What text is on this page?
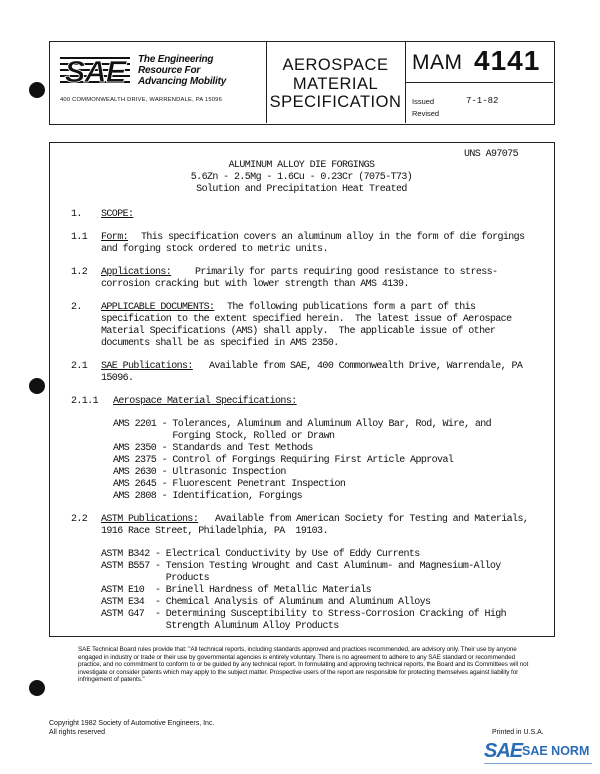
SAE The Engineering
Resource For
Advancing Mobility
400 COMMONWEALTH DRIVE, WARRENDALE, PA 15096
AEROSPACE
MATERIAL
SPECIFICATION
MAM 4141
Issued	7-1-82
Revised
UNS A97075
ALUMINUM ALLOY DIE FORGINGS
5.6Zn - 2.5Mg - 1.6Cu - 0.23Cr (7075-T73)
Solution and Precipitation Heat Treated
1. SCOPE:
1.1 Form: This specification covers an aluminum alloy in the form of die forgings
and forging stock ordered to metric units.
1.2 Applications: Primarily for parts requiring good resistance to stress-
corrosion cracking but with lower strength than AMS 4139.
2. APPLICABLE DOCUMENTS: The following publications form a part of this
specification to the extent specified herein.  The latest issue of Aerospace
Material Specifications (AMS) shall apply.  The applicable issue of other
documents shall be as specified in AMS 2350.
2.1 SAE Publications: Available from SAE, 400 Commonwealth Drive, Warrendale, PA
15096.
2.1.1 Aerospace Material Specifications:
AMS 2201 - Tolerances, Aluminum and Aluminum Alloy Bar, Rod, Wire, and
Forging Stock, Rolled or Drawn
AMS 2350 - Standards and Test Methods
AMS 2375 - Control of Forgings Requiring First Article Approval
AMS 2630 - Ultrasonic Inspection
AMS 2645 - Fluorescent Penetrant Inspection
AMS 2808 - Identification, Forgings
2.2 ASTM Publications: Available from American Society for Testing and Materials,
1916 Race Street, Philadelphia, PA  19103.
ASTM B342 - Electrical Conductivity by Use of Eddy Currents
ASTM B557 - Tension Testing Wrought and Cast Aluminum- and Magnesium-Alloy
Products
ASTM E10  - Brinell Hardness of Metallic Materials
ASTM E34  - Chemical Analysis of Aluminum and Aluminum Alloys
ASTM G47  - Determining Susceptibility to Stress-Corrosion Cracking of High
Strength Aluminum Alloy Products
SAE Technical Board rules provide that: "All technical reports, including standards approved and practices recommended, are advisory only. Their use by anyone engaged in industry or trade or their use by governmental agencies is entirely voluntary. There is no agreement to adhere to any SAE standard or recommended practice, and no commitment to conform to or be guided by any technical report. In formulating and approving technical reports, the Board and its Committees will not investigate or consider patents which may apply to the subject matter. Prospective users of the report are responsible for protecting themselves against liability for infringement of patents."
Copyright 1982 Society of Automotive Engineers, Inc.
All rights reserved	Printed in U.S.A.
SAE SAE NORM
